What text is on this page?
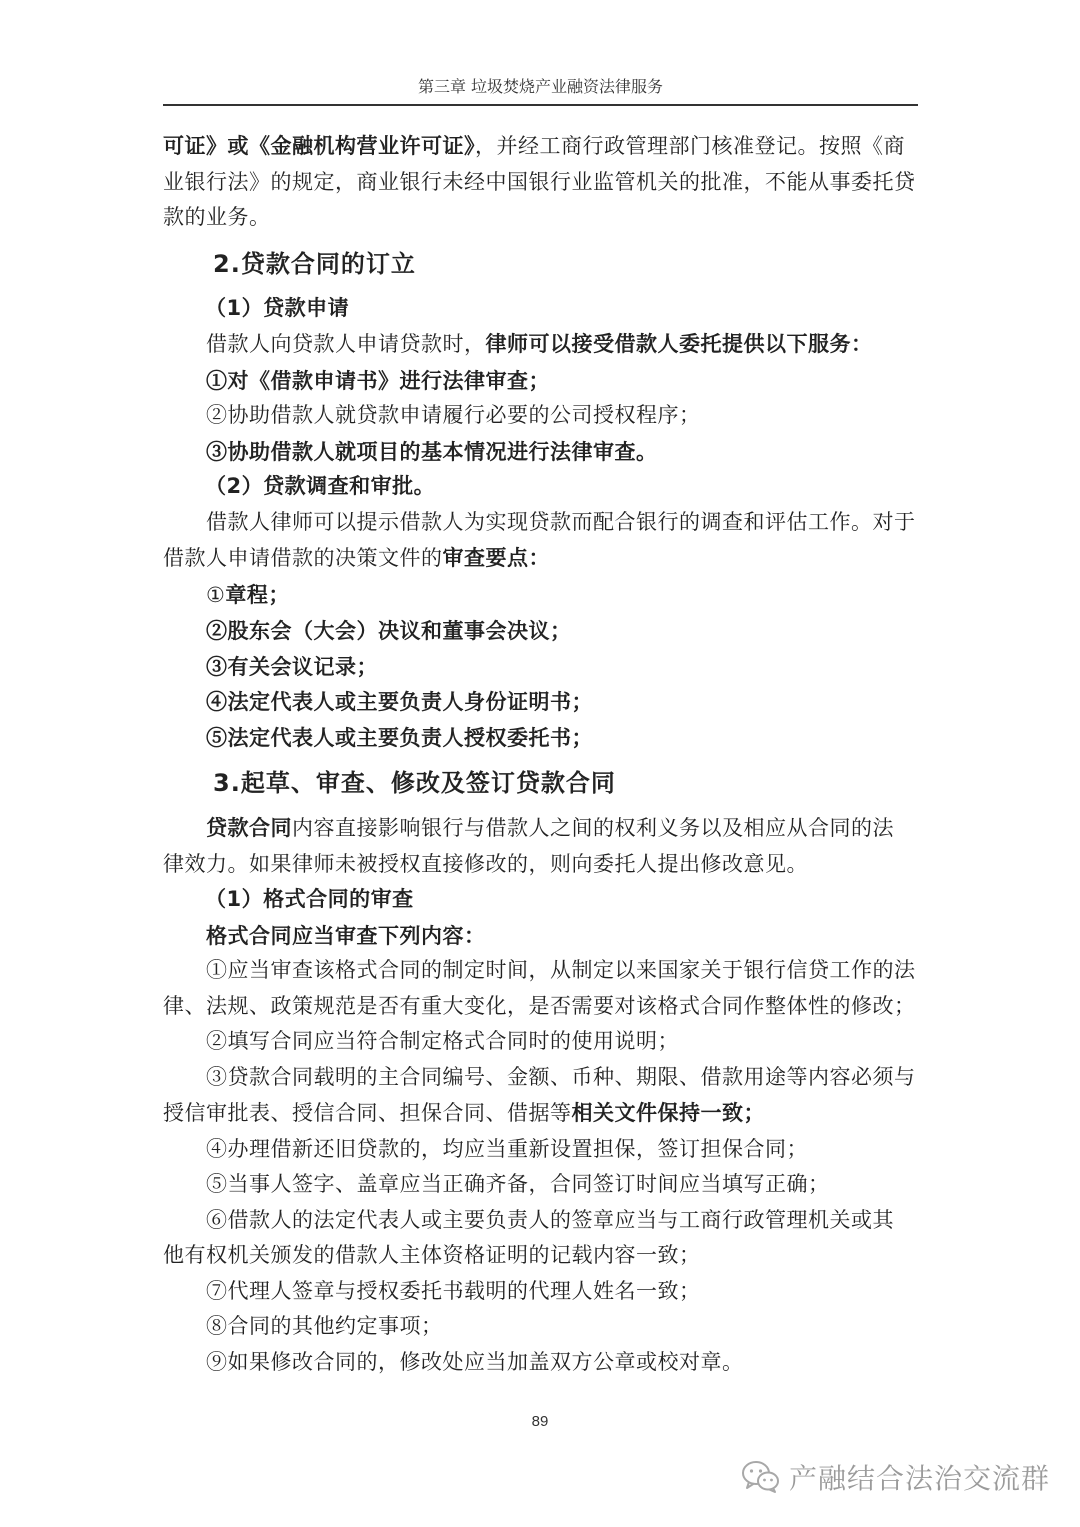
第三章 垃圾焚烧产业融资法律服务

可证》或《金融机构营业许可证》，并经工商行政管理部门核准登记。按照《商

业银行法》的规定，商业银行未经中国银行业监管机关的批准，不能从事委托贷

款的业务。

2.贷款合同的订立

（1）贷款申请

借款人向贷款人申请贷款时，律师可以接受借款人委托提供以下服务：

①对《借款申请书》进行法律审查；

②协助借款人就贷款申请履行必要的公司授权程序；

③协助借款人就项目的基本情况进行法律审查。

（2）贷款调查和审批。

借款人律师可以提示借款人为实现贷款而配合银行的调查和评估工作。对于

借款人申请借款的决策文件的审查要点：

①章程；

②股东会（大会）决议和董事会决议；

③有关会议记录；

④法定代表人或主要负责人身份证明书；

⑤法定代表人或主要负责人授权委托书；

3.起草、审查、修改及签订贷款合同

贷款合同内容直接影响银行与借款人之间的权利义务以及相应从合同的法

律效力。如果律师未被授权直接修改的，则向委托人提出修改意见。

（1）格式合同的审查

格式合同应当审查下列内容：

①应当审查该格式合同的制定时间，从制定以来国家关于银行信贷工作的法

律、法规、政策规范是否有重大变化，是否需要对该格式合同作整体性的修改；

②填写合同应当符合制定格式合同时的使用说明；

③贷款合同载明的主合同编号、金额、币种、期限、借款用途等内容必须与

授信审批表、授信合同、担保合同、借据等相关文件保持一致；

④办理借新还旧贷款的，均应当重新设置担保，签订担保合同；

⑤当事人签字、盖章应当正确齐备，合同签订时间应当填写正确；

⑥借款人的法定代表人或主要负责人的签章应当与工商行政管理机关或其

他有权机关颁发的借款人主体资格证明的记载内容一致；

⑦代理人签章与授权委托书载明的代理人姓名一致；

⑧合同的其他约定事项；

⑨如果修改合同的，修改处应当加盖双方公章或校对章。

89
产融结合法治交流群
